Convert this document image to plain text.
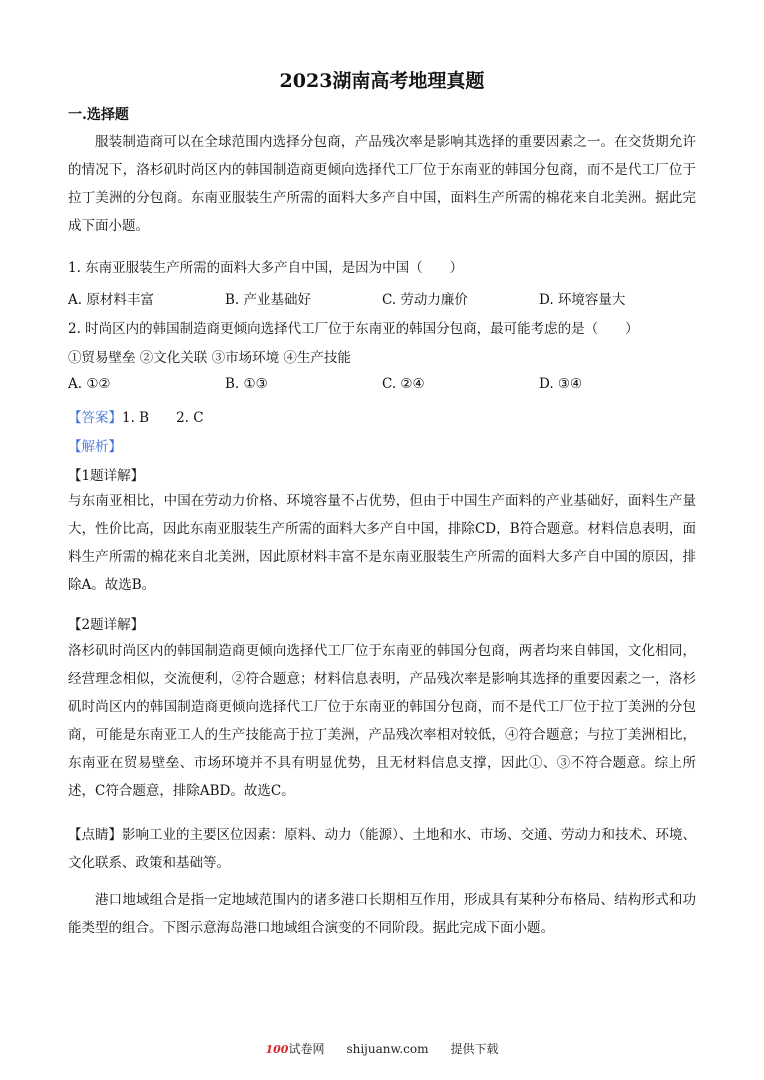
2023湖南高考地理真题
一.选择题
服装制造商可以在全球范围内选择分包商，产品残次率是影响其选择的重要因素之一。在交货期允许的情况下，洛杉矶时尚区内的韩国制造商更倾向选择代工厂位于东南亚的韩国分包商，而不是代工厂位于拉丁美洲的分包商。东南亚服装生产所需的面料大多产自中国，面料生产所需的棉花来自北美洲。据此完成下面小题。
1. 东南亚服装生产所需的面料大多产自中国，是因为中国（　　）
A. 原材料丰富	B. 产业基础好	C. 劳动力廉价	D. 环境容量大
2. 时尚区内的韩国制造商更倾向选择代工厂位于东南亚的韩国分包商，最可能考虑的是（　　）
①贸易壁垒 ②文化关联 ③市场环境 ④生产技能
A. ①②	B. ①③	C. ②④	D. ③④
【答案】1. B　　2. C
【解析】
【1题详解】
与东南亚相比，中国在劳动力价格、环境容量不占优势，但由于中国生产面料的产业基础好，面料生产量大，性价比高，因此东南亚服装生产所需的面料大多产自中国，排除CD，B符合题意。材料信息表明，面料生产所需的棉花来自北美洲，因此原材料丰富不是东南亚服装生产所需的面料大多产自中国的原因，排除A。故选B。
【2题详解】
洛杉矶时尚区内的韩国制造商更倾向选择代工厂位于东南亚的韩国分包商，两者均来自韩国，文化相同，经营理念相似，交流便利，②符合题意；材料信息表明，产品残次率是影响其选择的重要因素之一，洛杉矶时尚区内的韩国制造商更倾向选择代工厂位于东南亚的韩国分包商，而不是代工厂位于拉丁美洲的分包商，可能是东南亚工人的生产技能高于拉丁美洲，产品残次率相对较低，④符合题意；与拉丁美洲相比，东南亚在贸易壁垒、市场环境并不具有明显优势，且无材料信息支撑，因此①、③不符合题意。综上所述，C符合题意，排除ABD。故选C。
【点睛】影响工业的主要区位因素：原料、动力（能源）、土地和水、市场、交通、劳动力和技术、环境、文化联系、政策和基础等。
港口地域组合是指一定地域范围内的诸多港口长期相互作用，形成具有某种分布格局、结构形式和功能类型的组合。下图示意海岛港口地域组合演变的不同阶段。据此完成下面小题。
100试卷网 shijuanw.com 提供下载
